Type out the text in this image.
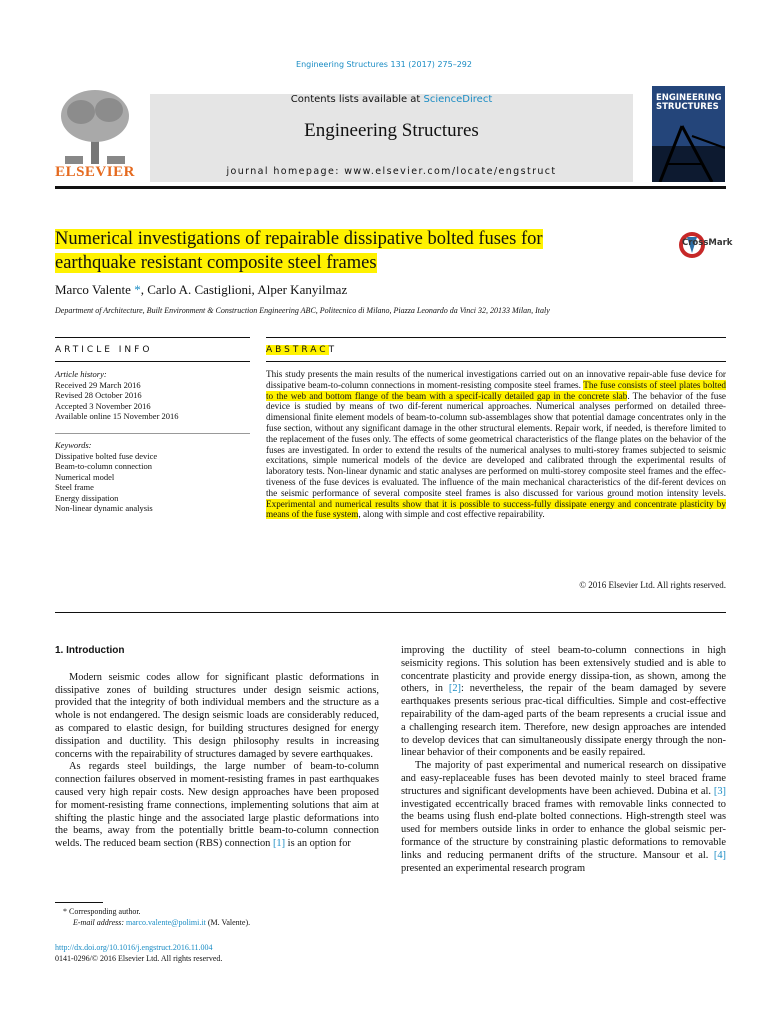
Engineering Structures 131 (2017) 275–292
ELSEVIER
Contents lists available at ScienceDirect
Engineering Structures
journal homepage: www.elsevier.com/locate/engstruct
ENGINEERING
STRUCTURES
Numerical investigations of repairable dissipative bolted fuses for
earthquake resistant composite steel frames
CrossMark
Marco Valente *, Carlo A. Castiglioni, Alper Kanyilmaz
Department of Architecture, Built Environment & Construction Engineering ABC, Politecnico di Milano, Piazza Leonardo da Vinci 32, 20133 Milan, Italy
ARTICLE INFO	ABSTRACT
Article history:
Received 29 March 2016
Revised 28 October 2016
Accepted 3 November 2016
Available online 15 November 2016
Keywords:
Dissipative bolted fuse device
Beam-to-column connection
Numerical model
Steel frame
Energy dissipation
Non-linear dynamic analysis
This study presents the main results of the numerical investigations carried out on an innovative repair-able fuse device for dissipative beam-to-column connections in moment-resisting composite steel frames. The fuse consists of steel plates bolted to the web and bottom flange of the beam with a specif-ically detailed gap in the concrete slab. The behavior of the fuse device is studied by means of two dif-ferent numerical approaches. Numerical analyses performed on detailed three-dimensional finite element models of beam-to-column sub-assemblages show that potential damage concentrates only in the fuse section, without any significant damage in the other structural elements. Repair work, if needed, is therefore limited to the replacement of the fuses only. The effects of some geometrical characteristics of the flange plates on the behavior of the fuses are investigated. In order to extend the results of the numerical analyses to multi-storey frames subjected to seismic excitations, simple numerical models of the device are developed and calibrated through the experimental results of laboratory tests. Non-linear dynamic and static analyses are performed on multi-storey composite steel frames and the effec-tiveness of the fuse devices is evaluated. The influence of the main mechanical characteristics of the dif-ferent devices on the seismic performance of several composite steel frames is also discussed for various ground motion intensity levels. Experimental and numerical results show that it is possible to success-fully dissipate energy and concentrate plasticity by means of the fuse system, along with simple and cost effective repairability.
© 2016 Elsevier Ltd. All rights reserved.
1. Introduction

Modern seismic codes allow for significant plastic deformations in dissipative zones of building structures under design seismic actions, provided that the integrity of both individual members and the structure as a whole is not endangered. The design seismic loads are considerably reduced, as compared to elastic design, for building structures designed for energy dissipation and ductility. This design philosophy results in increasing concerns with the repairability of structures damaged by severe earthquakes.

As regards steel buildings, the large number of beam-to-column connection failures observed in moment-resisting frames in past earthquakes caused very high repair costs. New design approaches have been proposed for moment-resisting frame connections, implementing solutions that aim at shifting the plastic hinge and the associated large plastic deformations into the beams, away from the potentially brittle beam-to-column connection welds. The reduced beam section (RBS) connection [1] is an option for

improving the ductility of steel beam-to-column connections in high seismicity regions. This solution has been extensively studied and is able to concentrate plasticity and provide energy dissipa-tion, as shown, among the others, in [2]: nevertheless, the repair of the beam damaged by severe earthquakes presents serious prac-tical difficulties. Simple and cost-effective repairability of the dam-aged parts of the beam represents a crucial issue and a challenging research item. Therefore, new design approaches are intended to develop devices that can simultaneously dissipate energy through the non-linear behavior of their components and be easily repaired.

The majority of past experimental and numerical research on dissipative and easy-replaceable fuses has been devoted mainly to steel braced frame structures and significant developments have been achieved. Dubina et al. [3] investigated eccentrically braced frames with removable links connected to the beams using flush end-plate bolted connections. High-strength steel was used for members outside links in order to enhance the global seismic per-formance of the structure by constraining plastic deformations to removable links and reducing permanent drifts of the structure. Mansour et al. [4] presented an experimental research program

* Corresponding author.
E-mail address: marco.valente@polimi.it (M. Valente).
http://dx.doi.org/10.1016/j.engstruct.2016.11.004
0141-0296/© 2016 Elsevier Ltd. All rights reserved.
